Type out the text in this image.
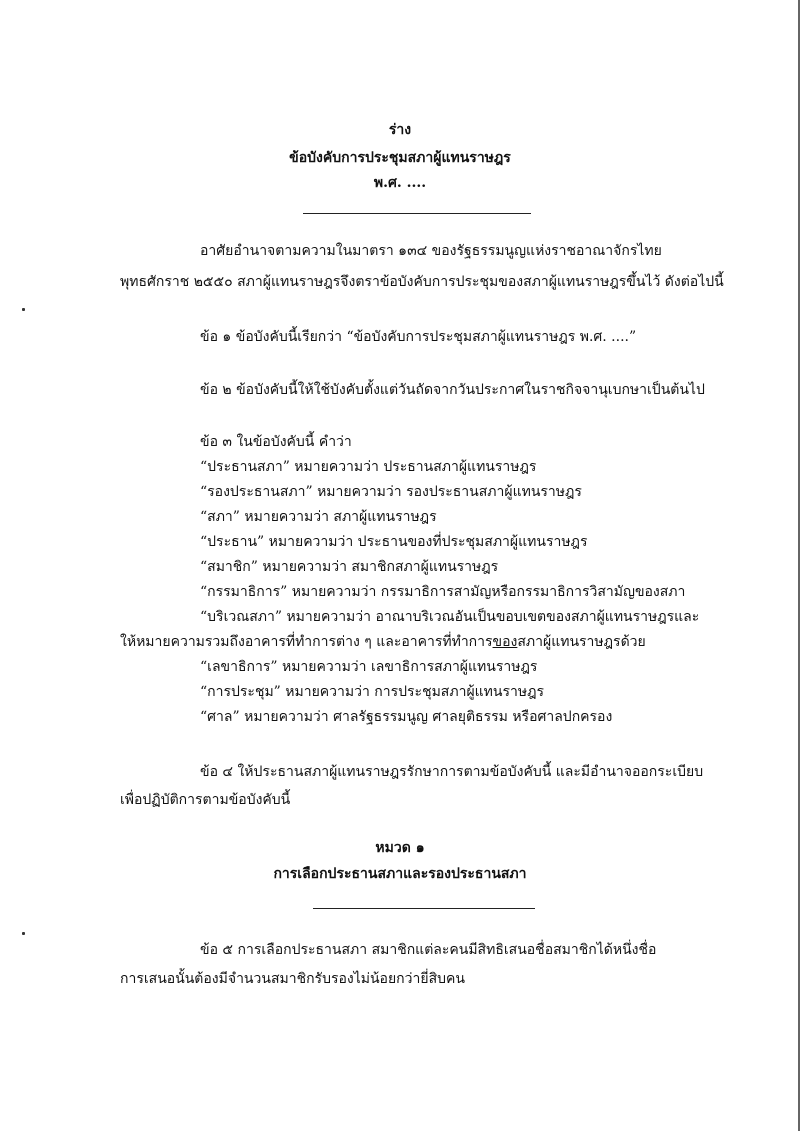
ร่าง
ข้อบังคับการประชุมสภาผู้แทนราษฎร
พ.ศ. ....
อาศัยอำนาจตามความในมาตรา ๑๓๔ ของรัฐธรรมนูญแห่งราชอาณาจักรไทย
พุทธศักราช ๒๕๕๐ สภาผู้แทนราษฎรจึงตราข้อบังคับการประชุมของสภาผู้แทนราษฎรขึ้นไว้ ดังต่อไปนี้
ข้อ ๑ ข้อบังคับนี้เรียกว่า “ข้อบังคับการประชุมสภาผู้แทนราษฎร พ.ศ. ....”
ข้อ ๒ ข้อบังคับนี้ให้ใช้บังคับตั้งแต่วันถัดจากวันประกาศในราชกิจจานุเบกษาเป็นต้นไป
ข้อ ๓ ในข้อบังคับนี้ คำว่า
“ประธานสภา” หมายความว่า ประธานสภาผู้แทนราษฎร
“รองประธานสภา” หมายความว่า รองประธานสภาผู้แทนราษฎร
“สภา” หมายความว่า สภาผู้แทนราษฎร
“ประธาน” หมายความว่า ประธานของที่ประชุมสภาผู้แทนราษฎร
“สมาชิก” หมายความว่า สมาชิกสภาผู้แทนราษฎร
“กรรมาธิการ” หมายความว่า กรรมาธิการสามัญหรือกรรมาธิการวิสามัญของสภา
“บริเวณสภา” หมายความว่า อาณาบริเวณอันเป็นขอบเขตของสภาผู้แทนราษฎรและ
ให้หมายความรวมถึงอาคารที่ทำการต่าง ๆ และอาคารที่ทำการของสภาผู้แทนราษฎรด้วย
“เลขาธิการ” หมายความว่า เลขาธิการสภาผู้แทนราษฎร
“การประชุม” หมายความว่า การประชุมสภาผู้แทนราษฎร
“ศาล” หมายความว่า ศาลรัฐธรรมนูญ ศาลยุติธรรม หรือศาลปกครอง
ข้อ ๔ ให้ประธานสภาผู้แทนราษฎรรักษาการตามข้อบังคับนี้ และมีอำนาจออกระเบียบ
เพื่อปฏิบัติการตามข้อบังคับนี้
หมวด ๑
การเลือกประธานสภาและรองประธานสภา
ข้อ ๕ การเลือกประธานสภา สมาชิกแต่ละคนมีสิทธิเสนอชื่อสมาชิกได้หนึ่งชื่อ
การเสนอนั้นต้องมีจำนวนสมาชิกรับรองไม่น้อยกว่ายี่สิบคน
